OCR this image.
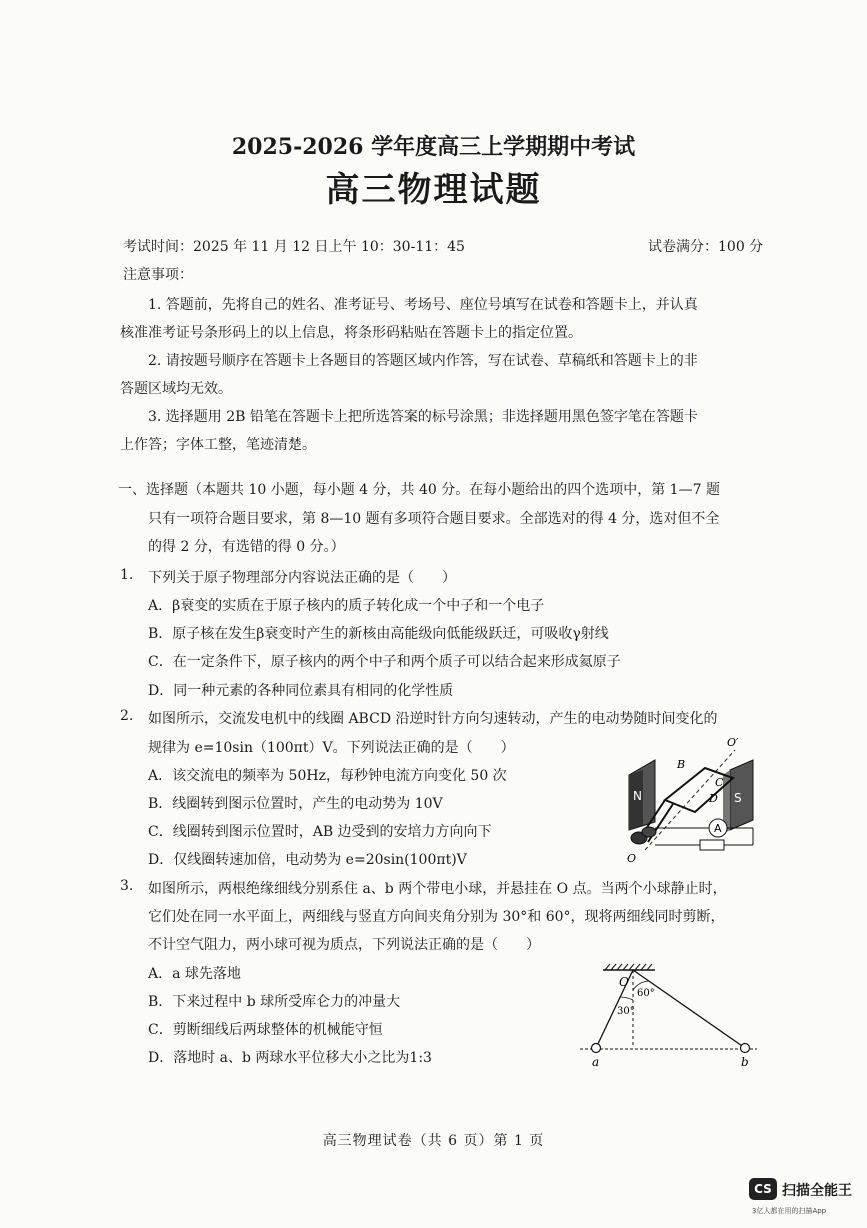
2025-2026 学年度高三上学期期中考试
高三物理试题
考试时间：2025 年 11 月 12 日上午 10：30-11：45	试卷满分：100 分
注意事项：
1. 答题前，先将自己的姓名、准考证号、考场号、座位号填写在试卷和答题卡上，并认真
核准准考证号条形码上的以上信息，将条形码粘贴在答题卡上的指定位置。
2. 请按题号顺序在答题卡上各题目的答题区域内作答，写在试卷、草稿纸和答题卡上的非
答题区域均无效。
3. 选择题用 2B 铅笔在答题卡上把所选答案的标号涂黑；非选择题用黑色签字笔在答题卡
上作答；字体工整，笔迹清楚。
一、选择题（本题共 10 小题，每小题 4 分，共 40 分。在每小题给出的四个选项中，第 1—7 题
只有一项符合题目要求，第 8—10 题有多项符合题目要求。全部选对的得 4 分，选对但不全
的得 2 分，有选错的得 0 分。）
1. 下列关于原子物理部分内容说法正确的是（　　）
A．β衰变的实质在于原子核内的质子转化成一个中子和一个电子
B．原子核在发生β衰变时产生的新核由高能级向低能级跃迁，可吸收γ射线
C．在一定条件下，原子核内的两个中子和两个质子可以结合起来形成氦原子
D．同一种元素的各种同位素具有相同的化学性质
2. 如图所示，交流发电机中的线圈 ABCD 沿逆时针方向匀速转动，产生的电动势随时间变化的
规律为 e=10sin（100πt）V。下列说法正确的是（　　）
A．该交流电的频率为 50Hz，每秒钟电流方向变化 50 次
B．线圈转到图示位置时，产生的电动势为 10V
C．线圈转到图示位置时，AB 边受到的安培力方向向下
D．仅线圈转速加倍，电动势为 e=20sin(100πt)V
A
N	S
B
C
D
O′
O
3. 如图所示，两根绝缘细线分别系住 a、b 两个带电小球，并悬挂在 O 点。当两个小球静止时，
它们处在同一水平面上，两细线与竖直方向间夹角分别为 30°和 60°，现将两细线同时剪断，
不计空气阻力，两小球可视为质点，下列说法正确的是（　　）
A．a 球先落地
B．下来过程中 b 球所受库仑力的冲量大
C．剪断细线后两球整体的机械能守恒
D．落地时 a、b 两球水平位移大小之比为1:3
O
60°
30°
a	b
高三物理试卷（共 6 页）第 1 页
CS 扫描全能王
3亿人都在用的扫描App
